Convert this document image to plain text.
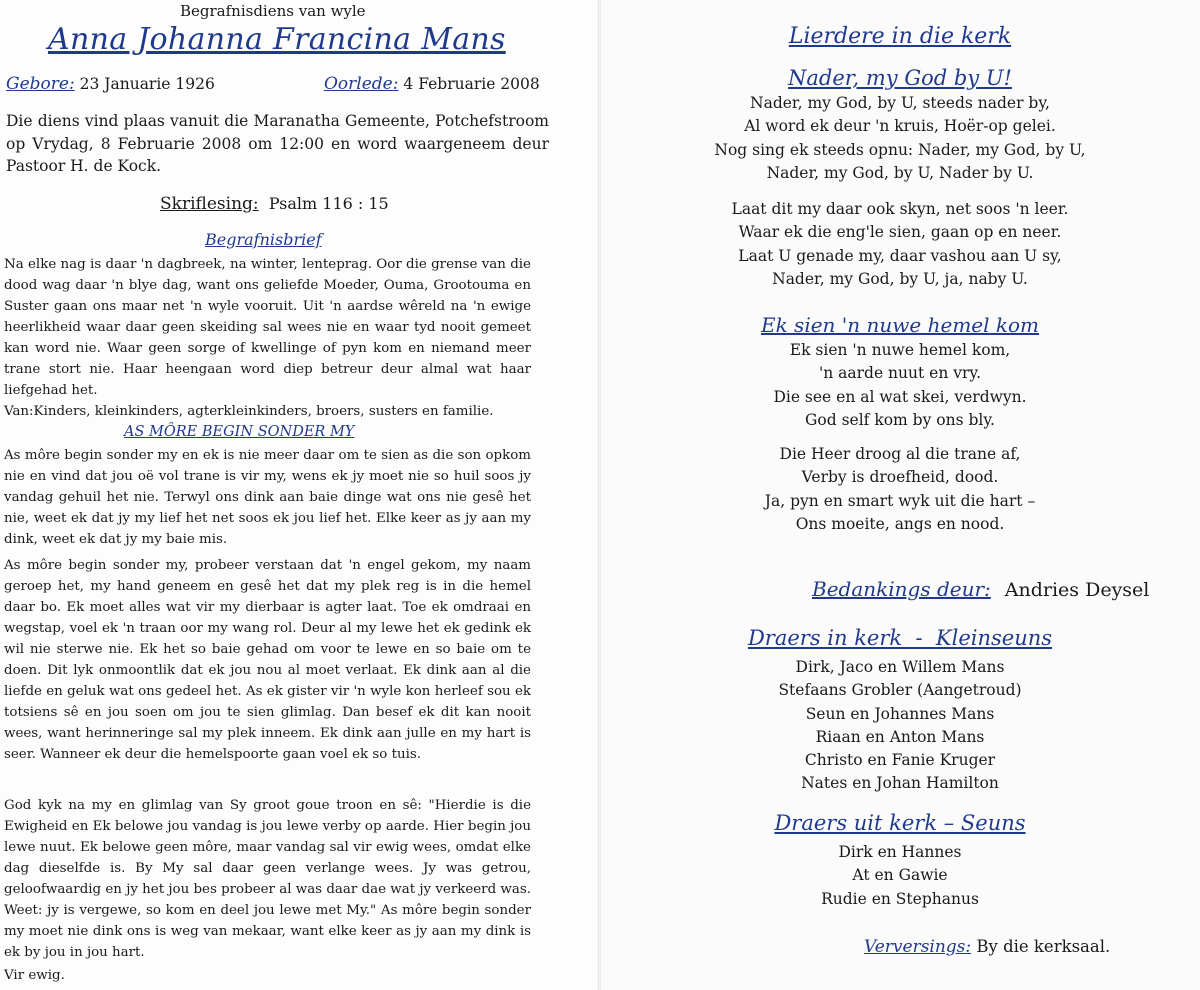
Begrafnisdiens van wyle
Anna Johanna Francina Mans
Gebore: 23 Januarie 1926	Oorlede: 4 Februarie 2008

Die diens vind plaas vanuit die Maranatha Gemeente, Potchefstroom op Vrydag, 8 Februarie 2008 om 12:00 en word waargeneem deur Pastoor H. de Kock.

Skriflesing: Psalm 116 : 15
Begrafnisbrief

Na elke nag is daar 'n dagbreek, na winter, lenteprag. Oor die grense van die dood wag daar 'n blye dag, want ons geliefde Moeder, Ouma, Grootouma en Suster gaan ons maar net 'n wyle vooruit. Uit 'n aardse wêreld na 'n ewige heerlikheid waar daar geen skeiding sal wees nie en waar tyd nooit gemeet kan word nie. Waar geen sorge of kwellinge of pyn kom en niemand meer trane stort nie. Haar heengaan word diep betreur deur almal wat haar liefgehad het.

Van:Kinders, kleinkinders, agterkleinkinders, broers, susters en familie.

AS MÔRE BEGIN SONDER MY

As môre begin sonder my en ek is nie meer daar om te sien as die son opkom nie en vind dat jou oë vol trane is vir my, wens ek jy moet nie so huil soos jy vandag gehuil het nie. Terwyl ons dink aan baie dinge wat ons nie gesê het nie, weet ek dat jy my lief het net soos ek jou lief het. Elke keer as jy aan my dink, weet ek dat jy my baie mis.

As môre begin sonder my, probeer verstaan dat 'n engel gekom, my naam geroep het, my hand geneem en gesê het dat my plek reg is in die hemel daar bo. Ek moet alles wat vir my dierbaar is agter laat. Toe ek omdraai en wegstap, voel ek 'n traan oor my wang rol. Deur al my lewe het ek gedink ek wil nie sterwe nie. Ek het so baie gehad om voor te lewe en so baie om te doen. Dit lyk onmoontlik dat ek jou nou al moet verlaat. Ek dink aan al die liefde en geluk wat ons gedeel het. As ek gister vir 'n wyle kon herleef sou ek totsiens sê en jou soen om jou te sien glimlag. Dan besef ek dit kan nooit wees, want herinneringe sal my plek inneem. Ek dink aan julle en my hart is seer. Wanneer ek deur die hemelspoorte gaan voel ek so tuis.

God kyk na my en glimlag van Sy groot goue troon en sê: "Hierdie is die Ewigheid en Ek belowe jou vandag is jou lewe verby op aarde. Hier begin jou lewe nuut. Ek belowe geen môre, maar vandag sal vir ewig wees, omdat elke dag dieselfde is. By My sal daar geen verlange wees. Jy was getrou, geloofwaardig en jy het jou bes probeer al was daar dae wat jy verkeerd was. Weet: jy is vergewe, so kom en deel jou lewe met My." As môre begin sonder my moet nie dink ons is weg van mekaar, want elke keer as jy aan my dink is ek by jou in jou hart.

Vir ewig.

Lierdere in die kerk
Nader, my God by U!
Nader, my God, by U, steeds nader by,
Al word ek deur 'n kruis, Hoër-op gelei.
Nog sing ek steeds opnu: Nader, my God, by U,
Nader, my God, by U, Nader by U.
Laat dit my daar ook skyn, net soos 'n leer.
Waar ek die eng'le sien, gaan op en neer.
Laat U genade my, daar vashou aan U sy,
Nader, my God, by U, ja, naby U.
Ek sien 'n nuwe hemel kom
Ek sien 'n nuwe hemel kom,
'n aarde nuut en vry.
Die see en al wat skei, verdwyn.
God self kom by ons bly.
Die Heer droog al die trane af,
Verby is droefheid, dood.
Ja, pyn en smart wyk uit die hart –
Ons moeite, angs en nood.
Bedankings deur: Andries Deysel
Draers in kerk  -  Kleinseuns
Dirk, Jaco en Willem Mans
Stefaans Grobler (Aangetroud)
Seun en Johannes Mans
Riaan en Anton Mans
Christo en Fanie Kruger
Nates en Johan Hamilton
Draers uit kerk – Seuns
Dirk en Hannes
At en Gawie
Rudie en Stephanus
Verversings: By die kerksaal.
